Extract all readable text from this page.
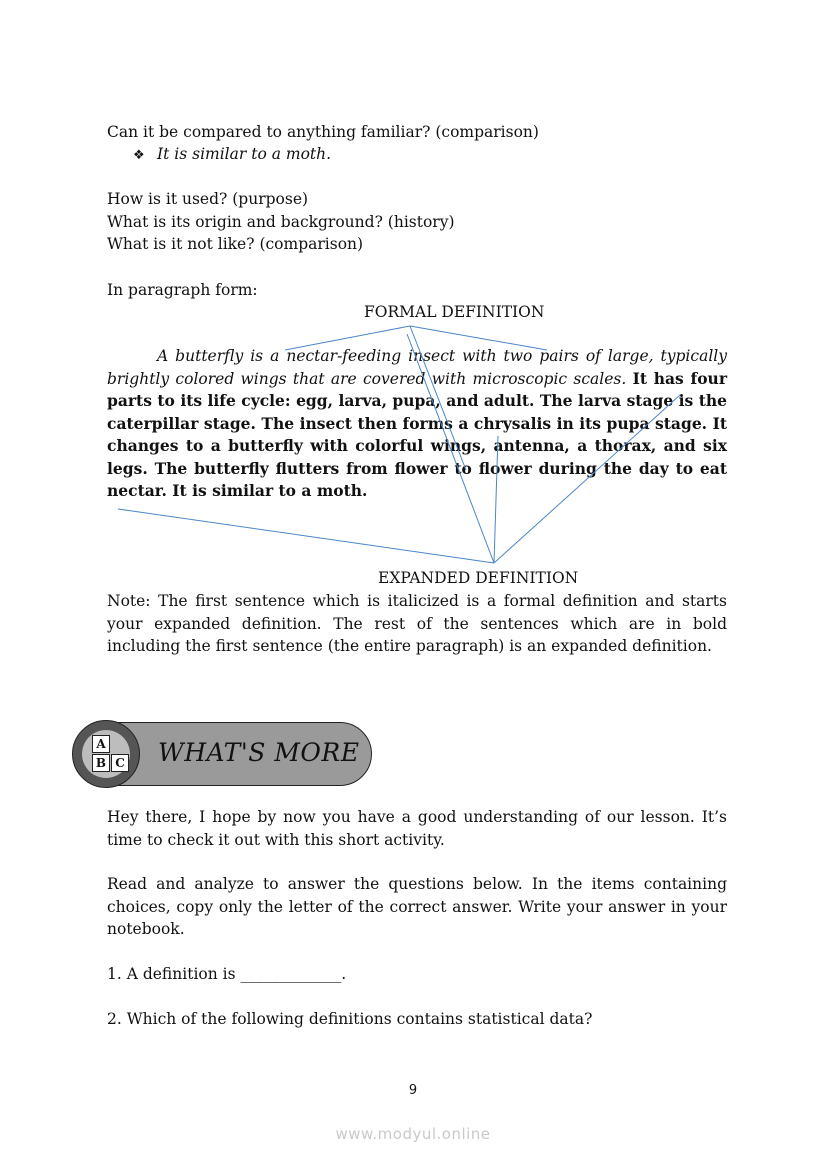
Can it be compared to anything familiar? (comparison)
❖ It is similar to a moth.
How is it used? (purpose)
What is its origin and background? (history)
What is it not like? (comparison)
In paragraph form:
FORMAL DEFINITION
A butterfly is a nectar-feeding insect with two pairs of large, typically brightly colored wings that are covered with microscopic scales. It has four parts to its life cycle: egg, larva, pupa, and adult. The larva stage is the caterpillar stage. The insect then forms a chrysalis in its pupa stage. It changes to a butterfly with colorful wings, antenna, a thorax, and six legs. The butterfly flutters from flower to flower during the day to eat nectar. It is similar to a moth.
EXPANDED DEFINITION
Note: The first sentence which is italicized is a formal definition and starts your expanded definition. The rest of the sentences which are in bold including the first sentence (the entire paragraph) is an expanded definition.
WHAT'S MORE
A
B C
Hey there, I hope by now you have a good understanding of our lesson. It’s time to check it out with this short activity.
Read and analyze to answer the questions below. In the items containing choices, copy only the letter of the correct answer. Write your answer in your notebook.
1. A definition is _____________.
2. Which of the following definitions contains statistical data?
9
www.modyul.online
